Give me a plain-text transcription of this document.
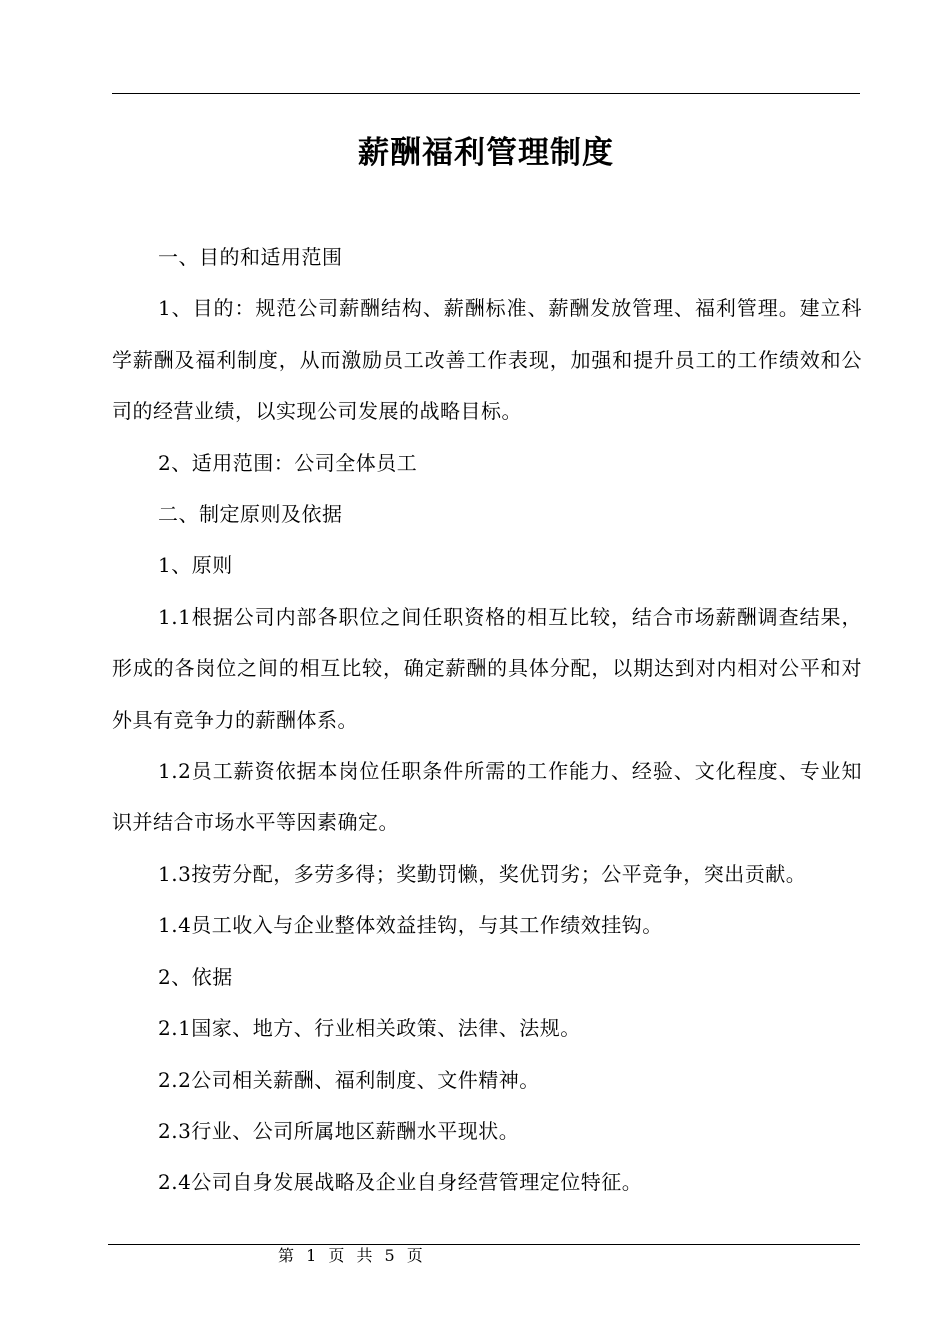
薪酬福利管理制度

一、目的和适用范围

1、目的：规范公司薪酬结构、薪酬标准、薪酬发放管理、福利管理。建立科学薪酬及福利制度，从而激励员工改善工作表现，加强和提升员工的工作绩效和公司的经营业绩，以实现公司发展的战略目标。

2、适用范围：公司全体员工

二、制定原则及依据

1、原则

1.1根据公司内部各职位之间任职资格的相互比较，结合市场薪酬调查结果，形成的各岗位之间的相互比较，确定薪酬的具体分配，以期达到对内相对公平和对外具有竞争力的薪酬体系。

1.2员工薪资依据本岗位任职条件所需的工作能力、经验、文化程度、专业知识并结合市场水平等因素确定。

1.3按劳分配，多劳多得；奖勤罚懒，奖优罚劣；公平竞争，突出贡献。

1.4员工收入与企业整体效益挂钩，与其工作绩效挂钩。

2、依据

2.1国家、地方、行业相关政策、法律、法规。

2.2公司相关薪酬、福利制度、文件精神。

2.3行业、公司所属地区薪酬水平现状。

2.4公司自身发展战略及企业自身经营管理定位特征。

第 1 页 共 5 页
